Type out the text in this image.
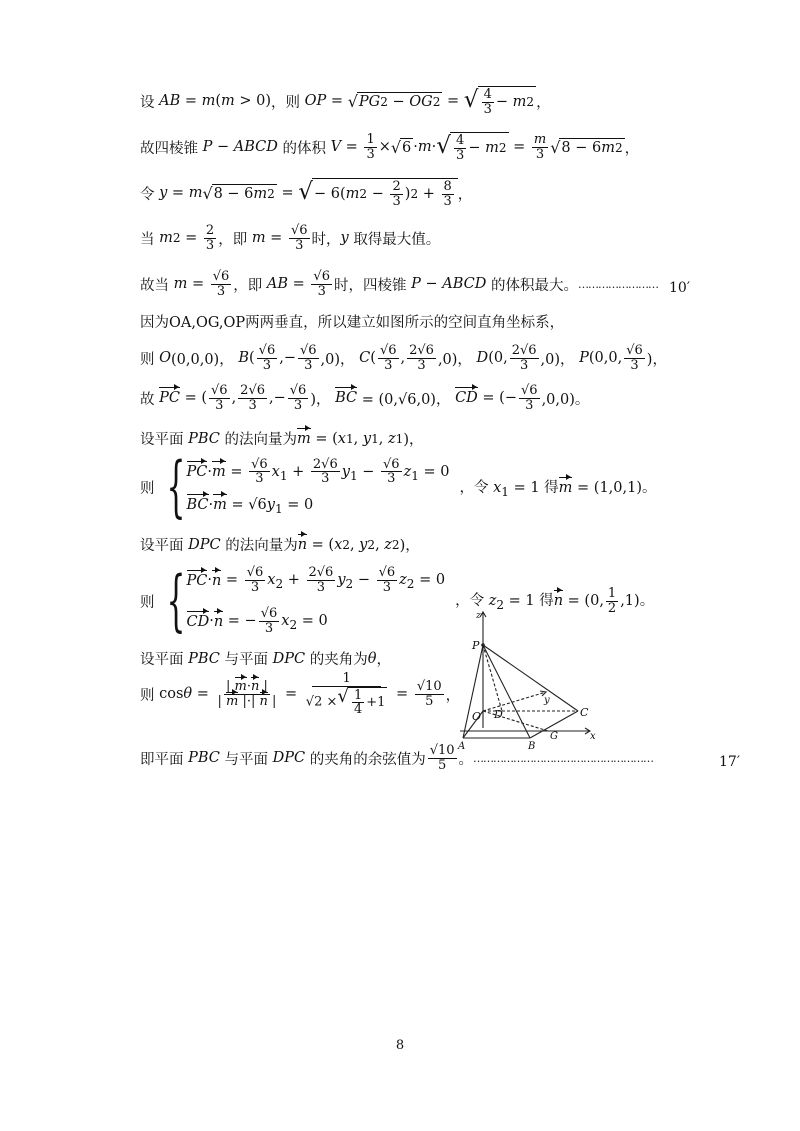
设
AB = m ( m > 0) ，则
OP = √ PG 2 − OG 2 = √ $\frac{4}{3} - m$ 2 ，
故四棱锥
P − ABCD
的体积
$V = \frac{1}{3}$ × √ 6 · m · √ $\frac{4}{3} - m$ $2 = \frac{m}{3}$ √ 8 − 6 m 2 ，
令
y = m √ 8 − 6 m 2 = √ − 6( m $2 - \frac{2}{3}$ ) $2 + \frac{8}{3}$ ，
当
m $2 = \frac{2}{3}$ ，即
$m = \frac{√6}{3}$ 时， y
取得最大值。
故当
$m = \frac{√6}{3}$ ，即
AB = $\frac{√6}{3}$ 时，四棱锥
P − ABCD
的体积最大。 …………………… 10′
因为OA,OG,OP两两垂直，所以建立如图所示的空间直角坐标系，
则
O (0,0,0)， B ( $\frac{√6}{3}$ ,− $\frac{√6}{3} ,0$)， C ( $\frac{√6}{3}$ , $\frac{2√6}{3} ,0$)， D (0, $\frac{2√6}{3} ,0$)， P (0,0, $\frac{√6}{3}$ )，
故
PC = ( $\frac{√6}{3}$ , $\frac{2√6}{3}$ ,− $\frac{√6}{3}$ )， BC = (0,√6,0)， CD = (− $\frac{√6}{3} ,0,0$)。
设平面
PBC
的法向量为 m = ( x 1 , y 1 , z 1 )，
则 { $PC\cdot m = \frac{√6}{3} x_1 + \frac{2√6}{3} y_1 - \frac{√6}{3} z_1 = 0$
$BC\cdot m = √6y_1 = 0$
，令 $x_1 = 1$ 得m = (1,0,1)。
设平面
DPC
的法向量为 n = ( x 2 , y 2 , z 2 )，
则 { $PC\cdot n = \frac{√6}{3} x_2 + \frac{2√6}{3} y_2 - \frac{√6}{3} z_2 = 0$
CD·n = − $\frac{√6}{3} x_2 = 0$
，令 $z_2 = 1$ 得n = (0, $\frac{1}{2} ,1$)。
设平面
PBC
与平面
DPC
的夹角为 θ ，
则 $\cos \theta = \frac{| m\cdot n |}{| m |\cdot| n |} = \frac{1}{√2 \times √ \frac{1}{4} +1} = \frac{√10}{5}$ ，
即平面
PBC
与平面
DPC
的夹角的余弦值为 $\frac{√10}{5}$ 。 ………………………………………………	17′
P
z
O D
y
C
A	B
G	x
8
